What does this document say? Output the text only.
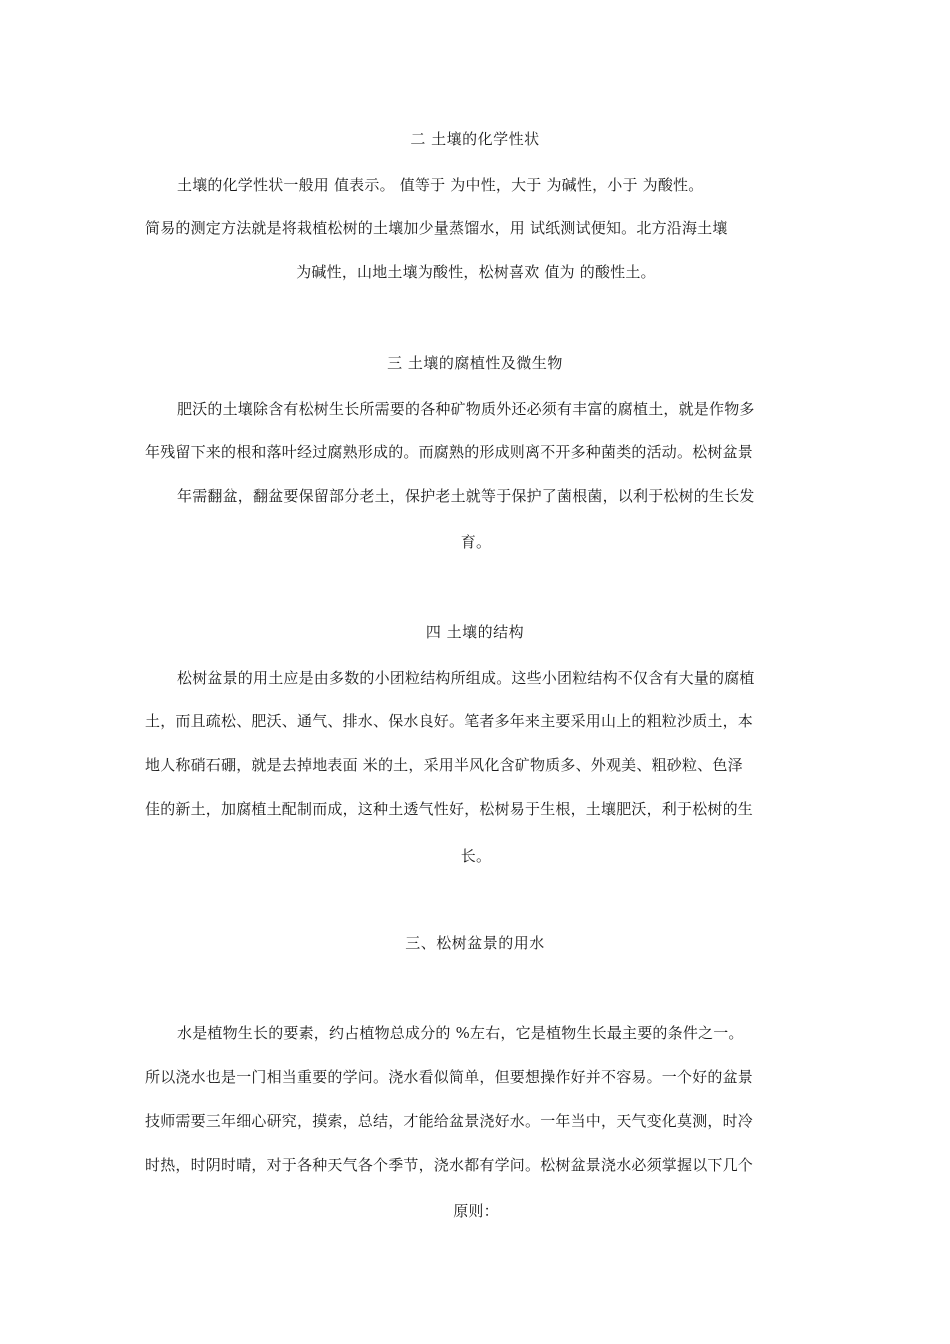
二 土壤的化学性状
土壤的化学性状一般用 值表示。 值等于 为中性，大于 为碱性，小于 为酸性。
简易的测定方法就是将栽植松树的土壤加少量蒸馏水，用 试纸测试便知。北方沿海土壤
为碱性，山地土壤为酸性，松树喜欢 值为 的酸性土。
三 土壤的腐植性及微生物
肥沃的土壤除含有松树生长所需要的各种矿物质外还必须有丰富的腐植土，就是作物多
年残留下来的根和落叶经过腐熟形成的。而腐熟的形成则离不开多种菌类的活动。松树盆景
年需翻盆，翻盆要保留部分老土，保护老土就等于保护了菌根菌，以利于松树的生长发
育。
四 土壤的结构
松树盆景的用土应是由多数的小团粒结构所组成。这些小团粒结构不仅含有大量的腐植
土，而且疏松、肥沃、通气、排水、保水良好。笔者多年来主要采用山上的粗粒沙质土，本
地人称硝石硼，就是去掉地表面 米的土，采用半风化含矿物质多、外观美、粗砂粒、色泽
佳的新土，加腐植土配制而成，这种土透气性好，松树易于生根，土壤肥沃，利于松树的生
长。
三、松树盆景的用水
水是植物生长的要素，约占植物总成分的 %左右，它是植物生长最主要的条件之一。
所以浇水也是一门相当重要的学问。浇水看似简单，但要想操作好并不容易。一个好的盆景
技师需要三年细心研究，摸索，总结，才能给盆景浇好水。一年当中，天气变化莫测，时冷
时热，时阴时晴，对于各种天气各个季节，浇水都有学问。松树盆景浇水必须掌握以下几个
原则：
